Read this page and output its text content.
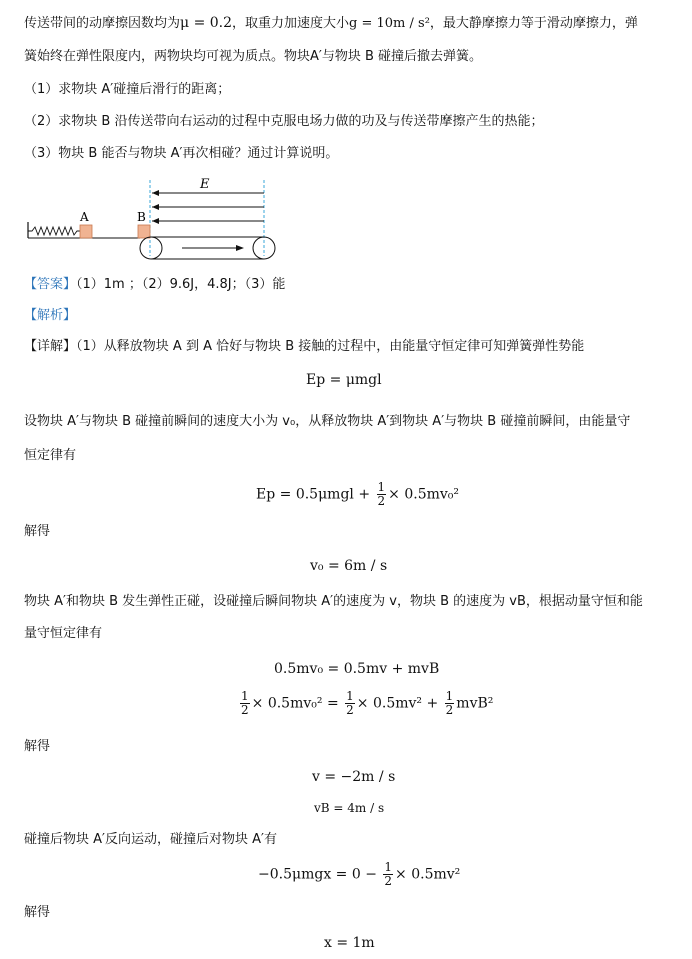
传送带间的动摩擦因数均为μ = 0.2，取重力加速度大小g = 10m / s²，最大静摩擦力等于滑动摩擦力，弹
簧始终在弹性限度内，两物块均可视为质点。物块A′与物块 B 碰撞后撤去弹簧。
（1）求物块 A′碰撞后滑行的距离；
（2）求物块 B 沿传送带向右运动的过程中克服电场力做的功及与传送带摩擦产生的热能；
（3）物块 B 能否与物块 A′再次相碰？通过计算说明。
E
A	B
【答案】（1）1m ；（2）9.6J，4.8J；（3）能
【解析】
【详解】（1）从释放物块 A 到 A 恰好与物块 B 接触的过程中，由能量守恒定律可知弹簧弹性势能
Ep = μmgl
设物块 A′与物块 B 碰撞前瞬间的速度大小为 v₀，从释放物块 A′到物块 A′与物块 B 碰撞前瞬间，由能量守
恒定律有
$Ep = 0.5\mu mgl + \frac{1}{2} \times 0.5mv_0^2$
解得
v₀ = 6m / s
物块 A′和物块 B 发生弹性正碰，设碰撞后瞬间物块 A′的速度为 v，物块 B 的速度为 vB，根据动量守恒和能
量守恒定律有
0.5mv₀ = 0.5mv + mvB
$\frac{1}{2} \times 0.5mv_0^2 = \frac{1}{2} \times 0.5mv^2 + \frac{1}{2} mvB^2$
解得
v = −2m / s
vB = 4m / s
碰撞后物块 A′反向运动，碰撞后对物块 A′有
$-0.5\mu mgx = 0 - \frac{1}{2} \times 0.5mv^2$
解得
x = 1m
